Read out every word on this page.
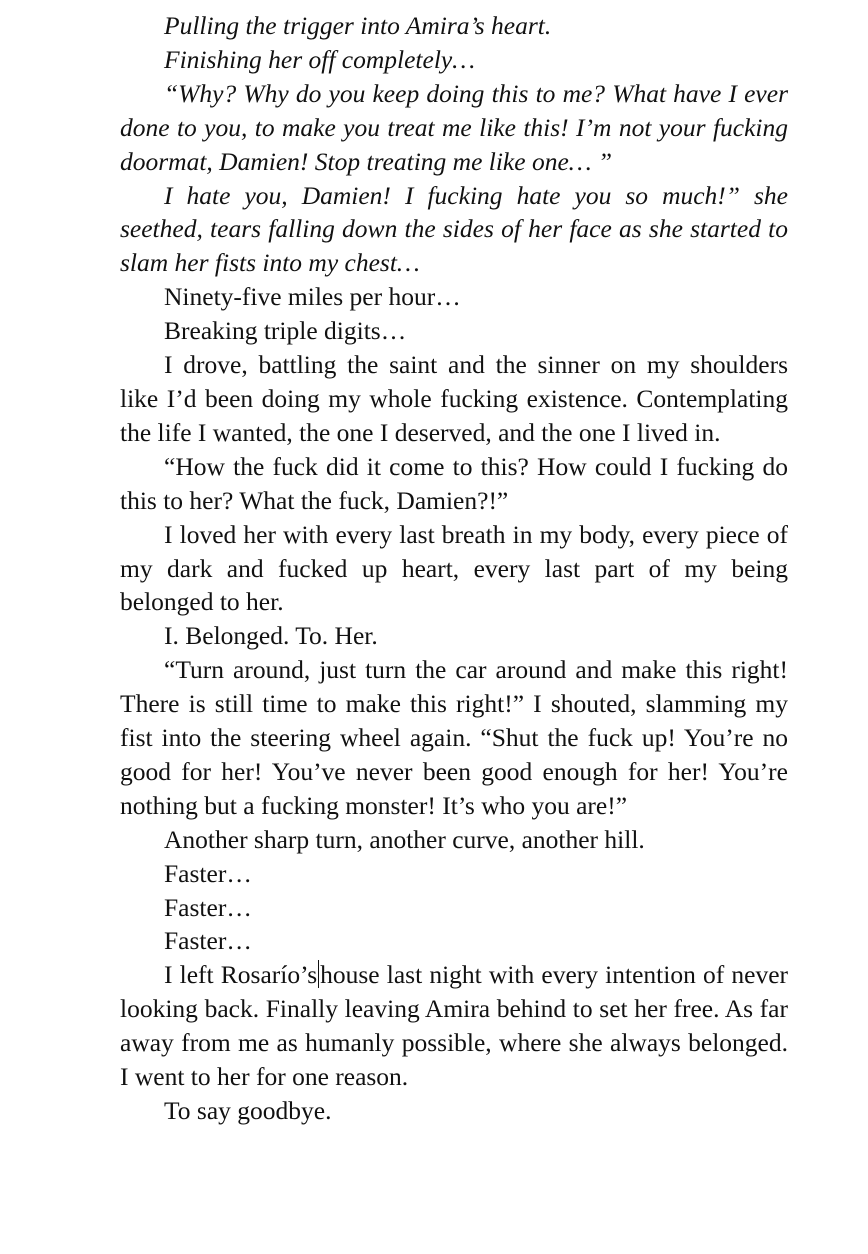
Pulling the trigger into Amira’s heart.

Finishing her off completely…

“Why? Why do you keep doing this to me? What have I ever done to you, to make you treat me like this! I’m not your fucking doormat, Damien! Stop treating me like one… ”

I hate you, Damien! I fucking hate you so much!” she seethed, tears falling down the sides of her face as she started to slam her fists into my chest…

Ninety-five miles per hour…

Breaking triple digits…

I drove, battling the saint and the sinner on my shoulders like I’d been doing my whole fucking existence. Contemplating the life I wanted, the one I deserved, and the one I lived in.

“How the fuck did it come to this? How could I fucking do this to her? What the fuck, Damien?!”

I loved her with every last breath in my body, every piece of my dark and fucked up heart, every last part of my being belonged to her.

I. Belonged. To. Her.

“Turn around, just turn the car around and make this right! There is still time to make this right!” I shouted, slamming my fist into the steering wheel again. “Shut the fuck up! You’re no good for her! You’ve never been good enough for her! You’re nothing but a fucking monster! It’s who you are!”

Another sharp turn, another curve, another hill.

Faster…

Faster…

Faster…

I left Rosarío’s house last night with every intention of never looking back. Finally leaving Amira behind to set her free. As far away from me as humanly possible, where she always belonged. I went to her for one reason.

To say goodbye.
